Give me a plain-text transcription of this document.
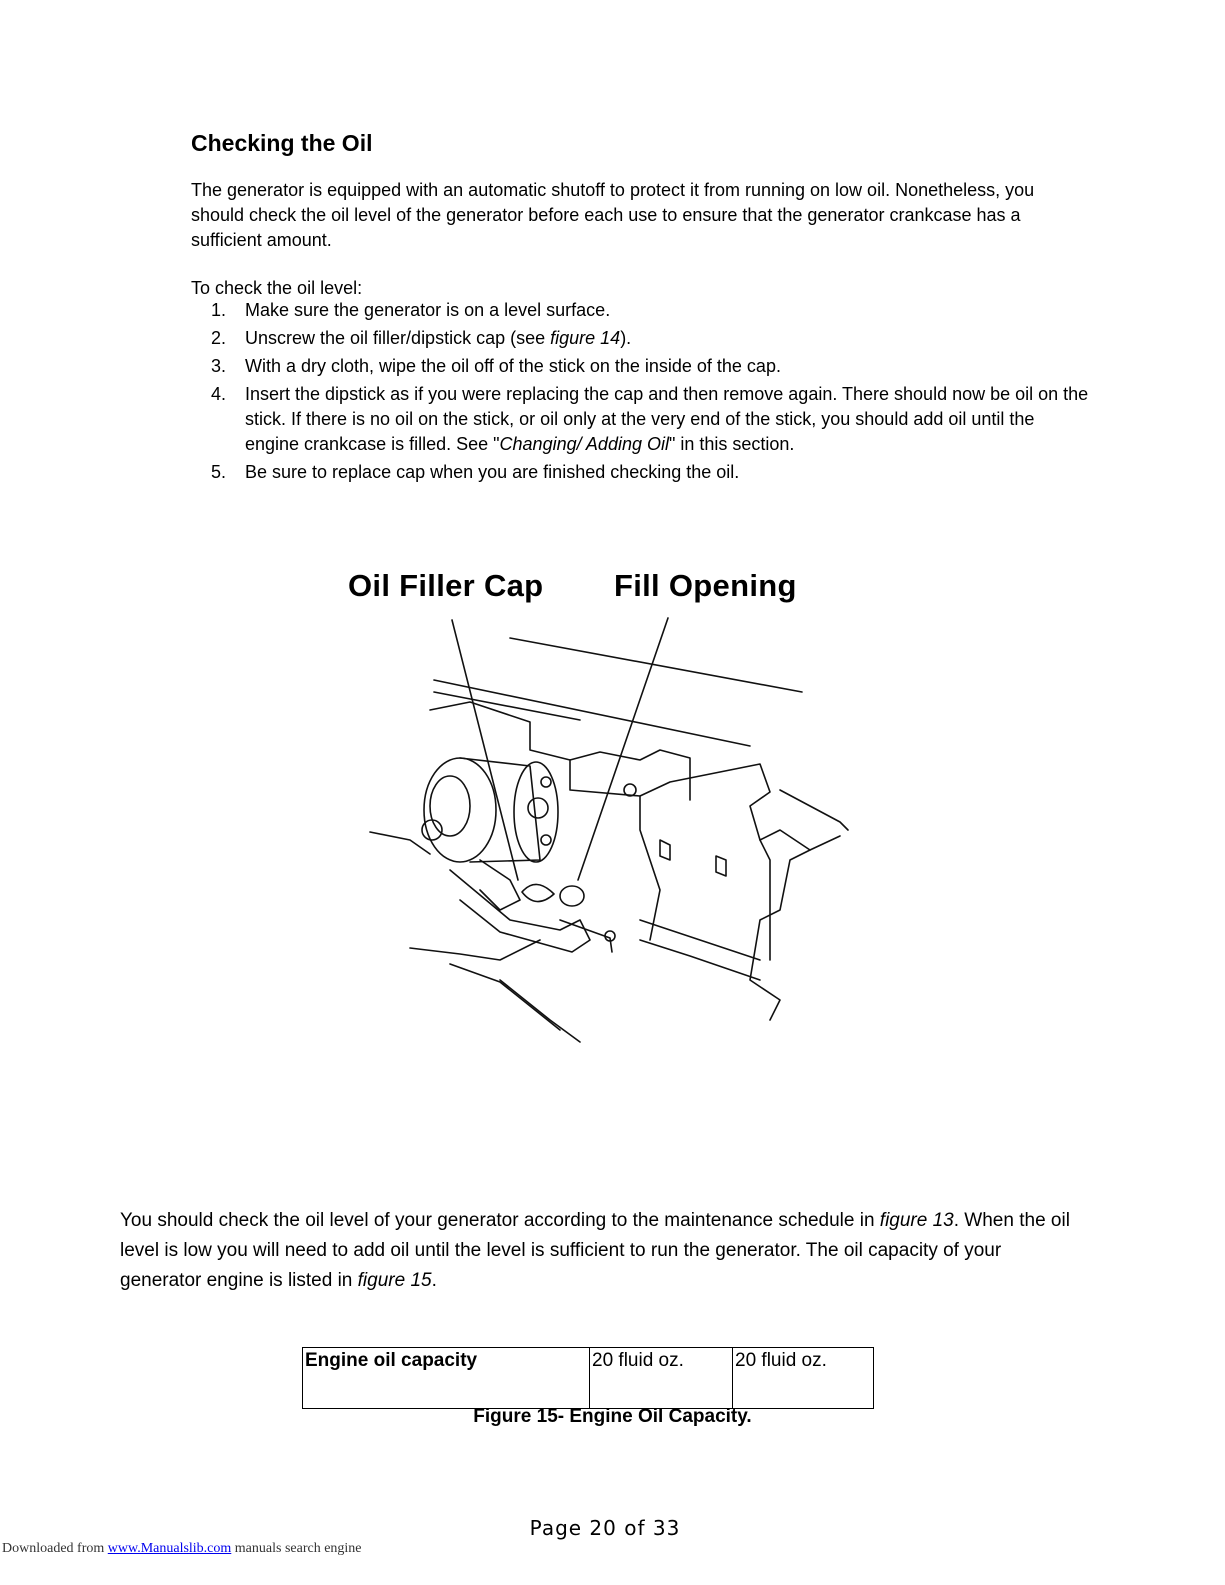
Checking the Oil

The generator is equipped with an automatic shutoff to protect it from running on low oil. Nonetheless, you should check the oil level of the generator before each use to ensure that the generator crankcase has a sufficient amount.

To check the oil level:

1. Make sure the generator is on a level surface.
2. Unscrew the oil filler/dipstick cap (see figure 14).
3. With a dry cloth, wipe the oil off of the stick on the inside of the cap.
4. Insert the dipstick as if you were replacing the cap and then remove again. There should now be oil on the stick. If there is no oil on the stick, or oil only at the very end of the stick, you should add oil until the engine crankcase is filled. See "Changing/ Adding Oil" in this section.
5. Be sure to replace cap when you are finished checking the oil.
Oil Filler Cap Fill Opening

You should check the oil level of your generator according to the maintenance schedule in figure 13. When the oil level is low you will need to add oil until the level is sufficient to run the generator. The oil capacity of your generator engine is listed in figure 15.

Engine oil capacity	20 fluid oz.	20 fluid oz.
Figure 15- Engine Oil Capacity.
Page 20 of 33
Downloaded from www.Manualslib.com manuals search engine
